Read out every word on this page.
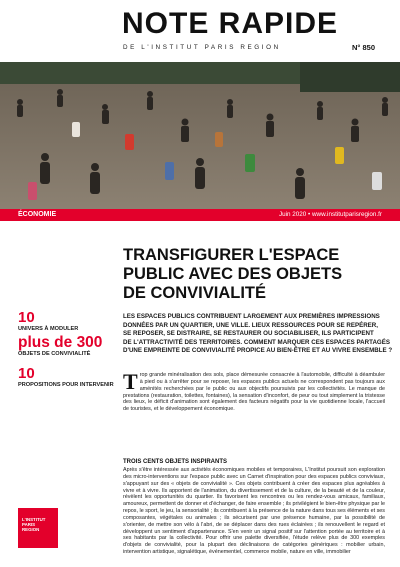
NOTE RAPIDE
DE L'INSTITUT PARIS REGION	N° 850
ÉCONOMIE	Juin 2020 • www.institutparisregion.fr
TRANSFIGURER L'ESPACE
PUBLIC AVEC DES OBJETS
DE CONVIVIALITÉ
LES ESPACES PUBLICS CONTRIBUENT LARGEMENT AUX PREMIÈRES IMPRESSIONS
DONNÉES PAR UN QUARTIER, UNE VILLE. LIEUX RESSOURCES POUR SE REPÉRER,
SE REPOSER, SE DISTRAIRE, SE RESTAURER OU SOCIABILISER, ILS PARTICIPENT
DE L'ATTRACTIVITÉ DES TERRITOIRES. COMMENT MARQUER CES ESPACES PARTAGÉS
D'UNE EMPREINTE DE CONVIVIALITÉ PROPICE AU BIEN-ÊTRE ET AU VIVRE ENSEMBLE ?
10
UNIVERS À MODULER
plus de 300
OBJETS DE CONVIVIALITÉ
10
PROPOSITIONS POUR INTERVENIR Trop grande minéralisation des sols, place démesurée consacrée à l'automobile, difficulté à déambuler à pied ou à s'arrêter pour se reposer, les espaces publics actuels ne correspondent pas toujours aux aménités recherchées par le public ou aux objectifs poursuivis par les collectivités. Le manque de prestations (restauration, toilettes, fontaines), la sensation d'inconfort, de peur ou tout simplement la tristesse des lieux, le déficit d'animation sont également des facteurs négatifs pour la vie quotidienne locale, l'accueil de touristes, et le développement économique.
TROIS CENTS OBJETS INSPIRANTS
Après s'être intéressée aux activités économiques mobiles et temporaires, L'Institut poursuit son exploration des micro-interventions sur l'espace public avec un Carnet d'inspiration pour des espaces publics conviviaux, s'appuyant sur des « objets de convivialité ». Ces objets contribuent à créer des espaces plus agréables à vivre et à vivre. Ils apportent de l'animation, du divertissement et de la culture, de la beauté et de la couleur, révèlent les opportunités du quartier. Ils favorisent les rencontres ou les rendez-vous amicaux, familiaux, amoureux, permettent de donner et d'échanger, de faire ensemble ; ils privilégient le bien-être physique par le repos, le sport, le jeu, la sensorialité ; ils contribuent à la présence de la nature dans tous ses éléments et ses composantes, végétales ou animales ; ils sécurisent par une présence humaine, par la possibilité de s'orienter, de mettre son vélo à l'abri, de se déplacer dans des rues éclairées ; ils renouvellent le regard et développent un sentiment d'appartenance. S'en venir un signal positif sur l'attention portée au territoire et à ses habitants par la collectivité. Pour offrir une palette diversifiée, l'étude relève plus de 300 exemples d'objets de convivialité, pour la plupart des déclinaisons de catégories génériques : mobilier urbain, intervention artistique, signalétique, événementiel, commerce mobile, nature en ville, immobilier
L'INSTITUT
PARIS
REGION
